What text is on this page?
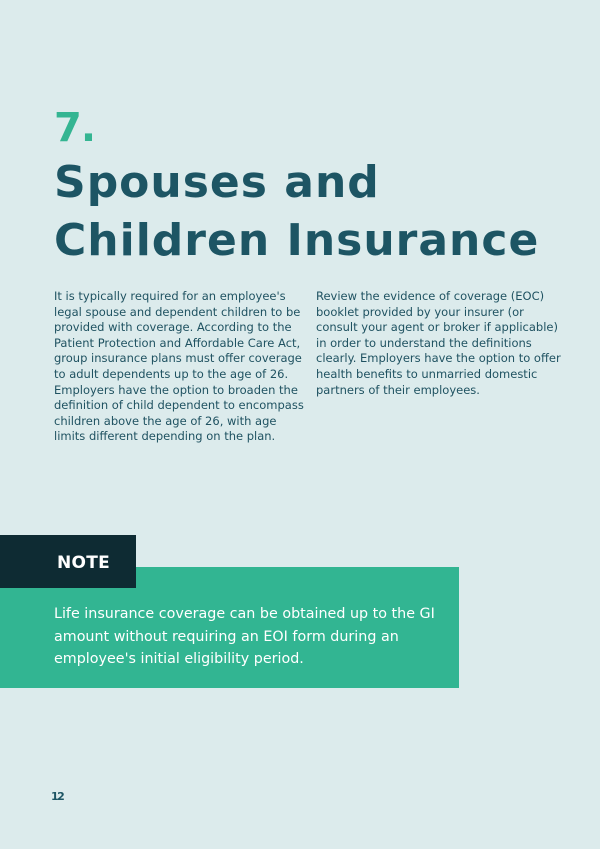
7.
Spouses and
Children Insurance

It is typically required for an employee's legal spouse and dependent children to be provided with coverage. According to the Patient Protection and Affordable Care Act, group insurance plans must offer coverage to adult dependents up to the age of 26. Employers have the option to broaden the definition of child dependent to encompass children above the age of 26, with age limits different depending on the plan.

Review the evidence of coverage (EOC) booklet provided by your insurer (or consult your agent or broker if applicable) in order to understand the definitions clearly. Employers have the option to offer health benefits to unmarried domestic partners of their employees.

NOTE

Life insurance coverage can be obtained up to the GI amount without requiring an EOI form during an employee's initial eligibility period.

12
